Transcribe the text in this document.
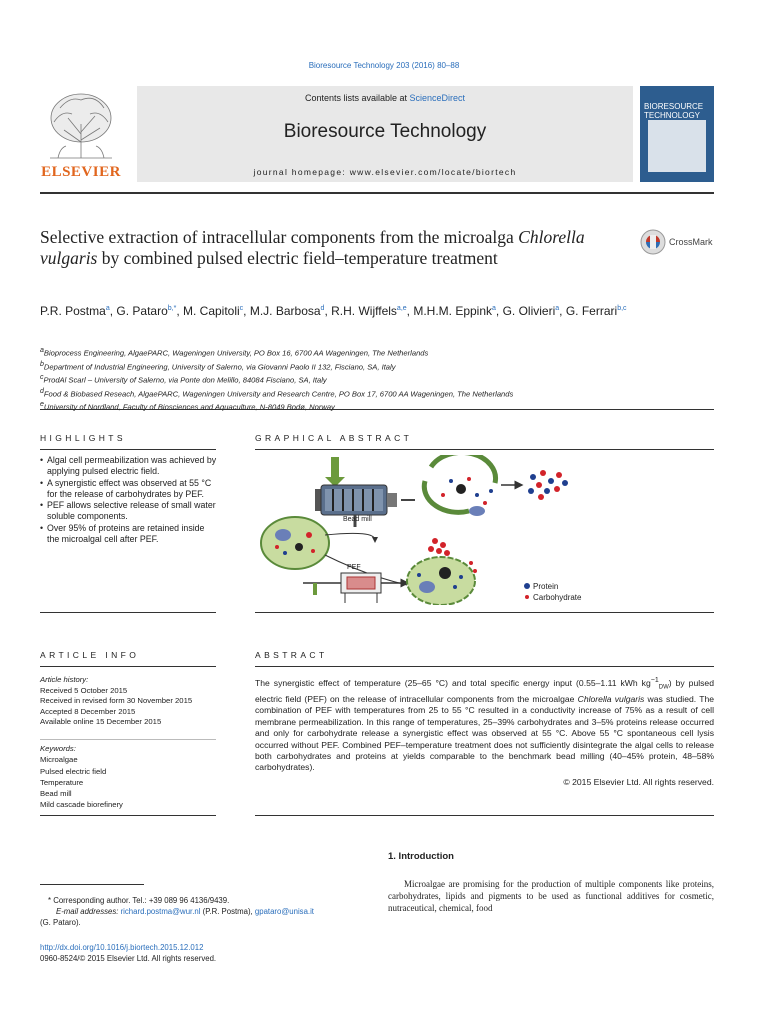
Bioresource Technology 203 (2016) 80–88
Contents lists available at ScienceDirect
Bioresource Technology
journal homepage: www.elsevier.com/locate/biortech
ELSEVIER
BIORESOURCE TECHNOLOGY
Selective extraction of intracellular components from the microalga Chlorella vulgaris by combined pulsed electric field–temperature treatment
CrossMark
P.R. Postma$^a$, G. Pataro$^{b,*}$, M. Capitoli$^c$, M.J. Barbosa$^d$, R.H. Wijffels$^{a,e}$, M.H.M. Eppink$^a$, G. Olivieri$^a$, G. Ferrari$^{b,c}$
$^a$Bioprocess Engineering, AlgaePARC, Wageningen University, PO Box 16, 6700 AA Wageningen, The Netherlands
$^b$Department of Industrial Engineering, University of Salerno, via Giovanni Paolo II 132, Fisciano, SA, Italy
$^c$ProdAl Scarl – University of Salerno, via Ponte don Melillo, 84084 Fisciano, SA, Italy
$^d$Food & Biobased Reseach, AlgaePARC, Wageningen University and Research Centre, PO Box 17, 6700 AA Wageningen, The Netherlands
$^e$University of Nordland, Faculty of Biosciences and Aquaculture, N-8049 Bodø, Norway
HIGHLIGHTS	GRAPHICAL ABSTRACT
• Algal cell permeabilization was achieved by applying pulsed electric field.
• A synergistic effect was observed at 55 °C for the release of carbohydrates by PEF.
• PEF allows selective release of small water soluble components.
• Over 95% of proteins are retained inside the microalgal cell after PEF.
Bead mill
PEF
Protein
Carbohydrate
ARTICLE INFO	ABSTRACT
Article history:
Received 5 October 2015
Received in revised form 30 November 2015
Accepted 8 December 2015
Available online 15 December 2015
Keywords:
Microalgae
Pulsed electric field
Temperature
Bead mill
Mild cascade biorefinery
The synergistic effect of temperature (25–65 °C) and total specific energy input (0.55–1.11 kWh $kg^{-1}_{DW}$) by pulsed electric field (PEF) on the release of intracellular components from the microalgae Chlorella vulgaris was studied. The combination of PEF with temperatures from 25 to 55 °C resulted in a conductivity increase of 75% as a result of cell membrane permeabilization. In this range of temperatures, 25–39% carbohydrates and 3–5% proteins release occurred and only for carbohydrate release a synergistic effect was observed at 55 °C. Above 55 °C spontaneous cell lysis occurred without PEF. Combined PEF–temperature treatment does not sufficiently disintegrate the algal cells to release both carbohydrates and proteins at yields comparable to the benchmark bead milling (40–45% protein, 48–58% carbohydrates).
© 2015 Elsevier Ltd. All rights reserved.
1. Introduction
Microalgae are promising for the production of multiple components like proteins, carbohydrates, lipids and pigments to be used as functional additives for cosmetic, nutraceutical, chemical, food
* Corresponding author. Tel.: +39 089 96 4136/9439.
E-mail addresses: richard.postma@wur.nl (P.R. Postma), gpataro@unisa.it
(G. Pataro).
http://dx.doi.org/10.1016/j.biortech.2015.12.012
0960-8524/© 2015 Elsevier Ltd. All rights reserved.
